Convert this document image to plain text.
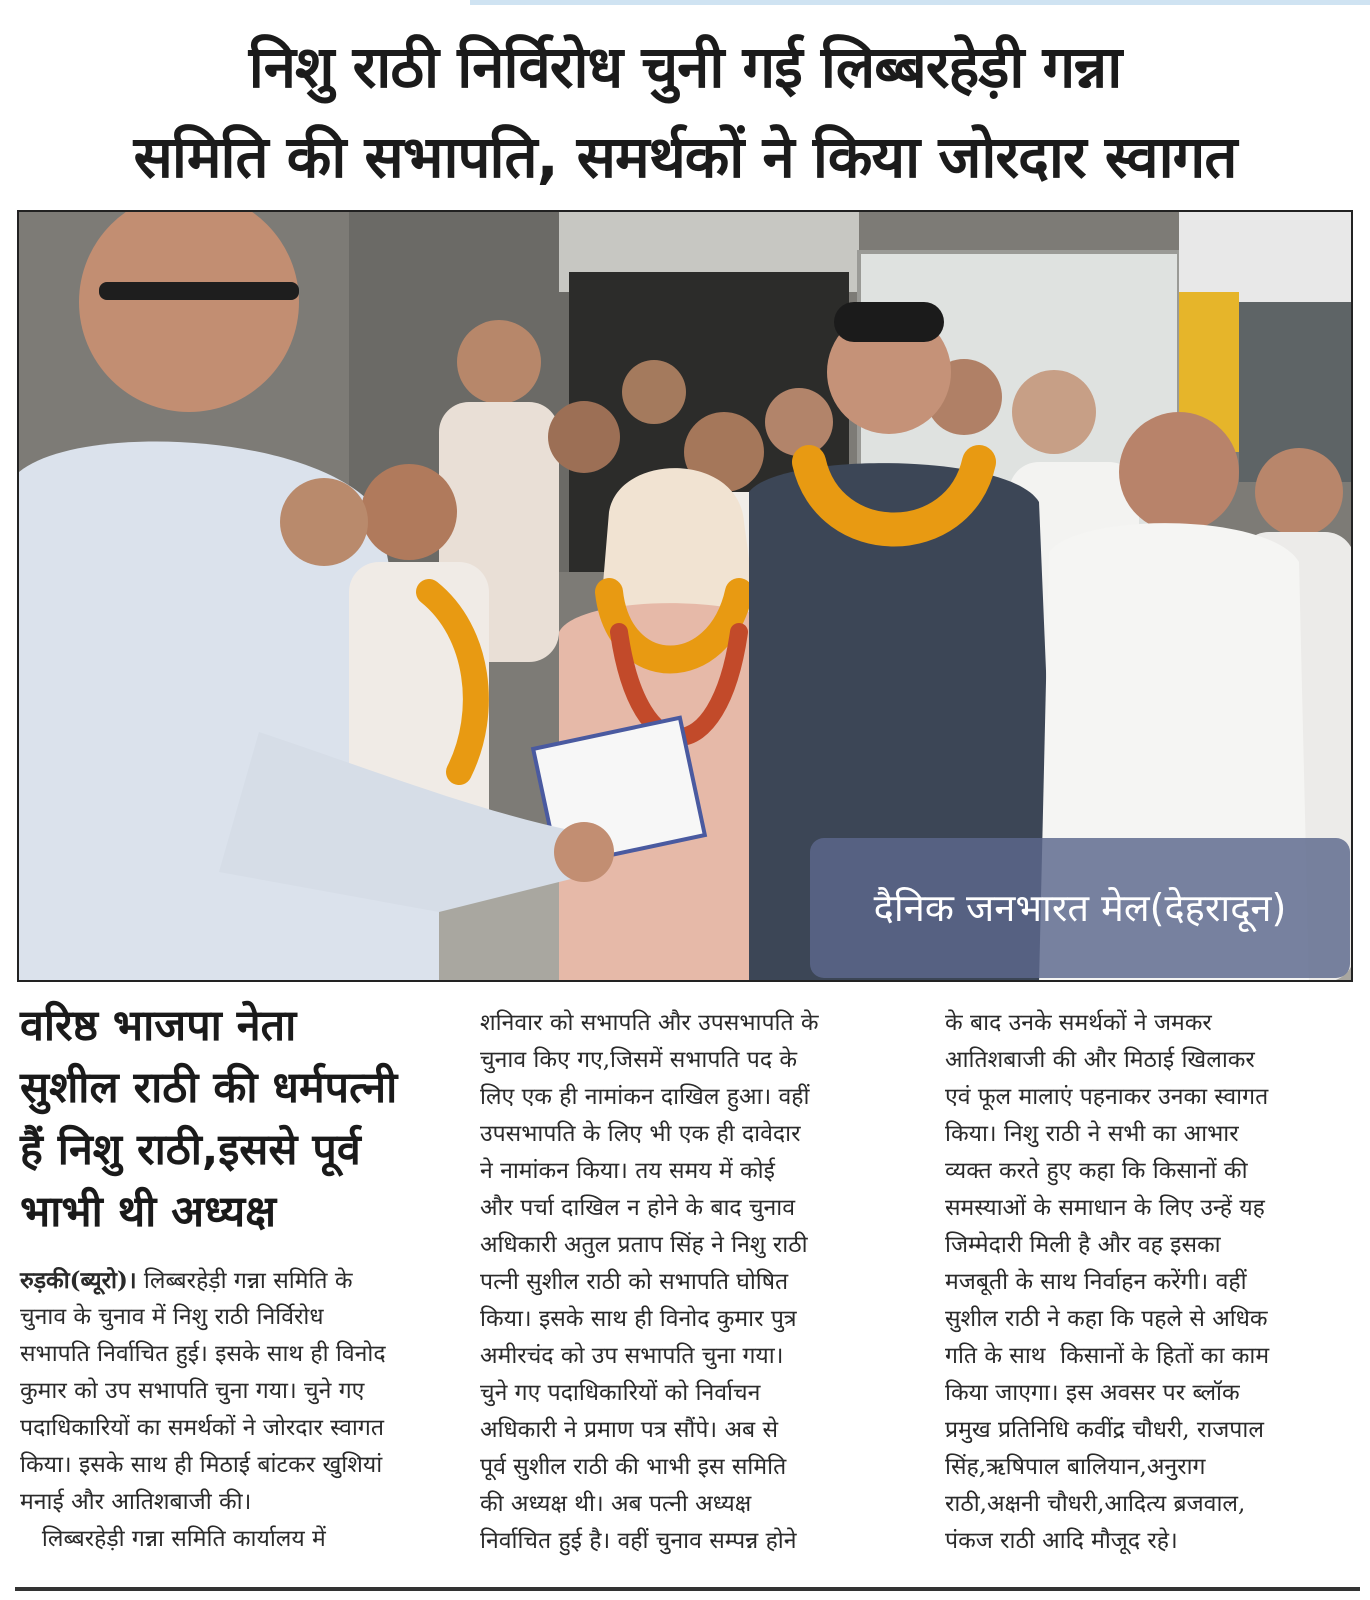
निशु राठी निर्विरोध चुनी गई लिब्बरहेड़ी गन्ना
समिति की सभापति, समर्थकों ने किया जोरदार स्वागत
दैनिक जनभारत मेल(देहरादून)
वरिष्ठ भाजपा नेता
सुशील राठी की धर्मपत्नी
हैं निशु राठी,इससे पूर्व
भाभी थी अध्यक्ष
रुड़की(ब्यूरो)। लिब्बरहेड़ी गन्ना समिति के
चुनाव के चुनाव में निशु राठी निर्विरोध
सभापति निर्वाचित हुई। इसके साथ ही विनोद
कुमार को उप सभापति चुना गया। चुने गए
पदाधिकारियों का समर्थकों ने जोरदार स्वागत
किया। इसके साथ ही मिठाई बांटकर खुशियां
मनाई और आतिशबाजी की।
लिब्बरहेड़ी गन्ना समिति कार्यालय में
शनिवार को सभापति और उपसभापति के
चुनाव किए गए,जिसमें सभापति पद के
लिए एक ही नामांकन दाखिल हुआ। वहीं
उपसभापति के लिए भी एक ही दावेदार
ने नामांकन किया। तय समय में कोई
और पर्चा दाखिल न होने के बाद चुनाव
अधिकारी अतुल प्रताप सिंह ने निशु राठी
पत्नी सुशील राठी को सभापति घोषित
किया। इसके साथ ही विनोद कुमार पुत्र
अमीरचंद को उप सभापति चुना गया।
चुने गए पदाधिकारियों को निर्वाचन
अधिकारी ने प्रमाण पत्र सौंपे। अब से
पूर्व सुशील राठी की भाभी इस समिति
की अध्यक्ष थी। अब पत्नी अध्यक्ष
निर्वाचित हुई है। वहीं चुनाव सम्पन्न होने
के बाद उनके समर्थकों ने जमकर
आतिशबाजी की और मिठाई खिलाकर
एवं फूल मालाएं पहनाकर उनका स्वागत
किया। निशु राठी ने सभी का आभार
व्यक्त करते हुए कहा कि किसानों की
समस्याओं के समाधान के लिए उन्हें यह
जिम्मेदारी मिली है और वह इसका
मजबूती के साथ निर्वाहन करेंगी। वहीं
सुशील राठी ने कहा कि पहले से अधिक
गति के साथ  किसानों के हितों का काम
किया जाएगा। इस अवसर पर ब्लॉक
प्रमुख प्रतिनिधि कवींद्र चौधरी, राजपाल
सिंह,ऋषिपाल बालियान,अनुराग
राठी,अक्षनी चौधरी,आदित्य ब्रजवाल,
पंकज राठी आदि मौजूद रहे।
